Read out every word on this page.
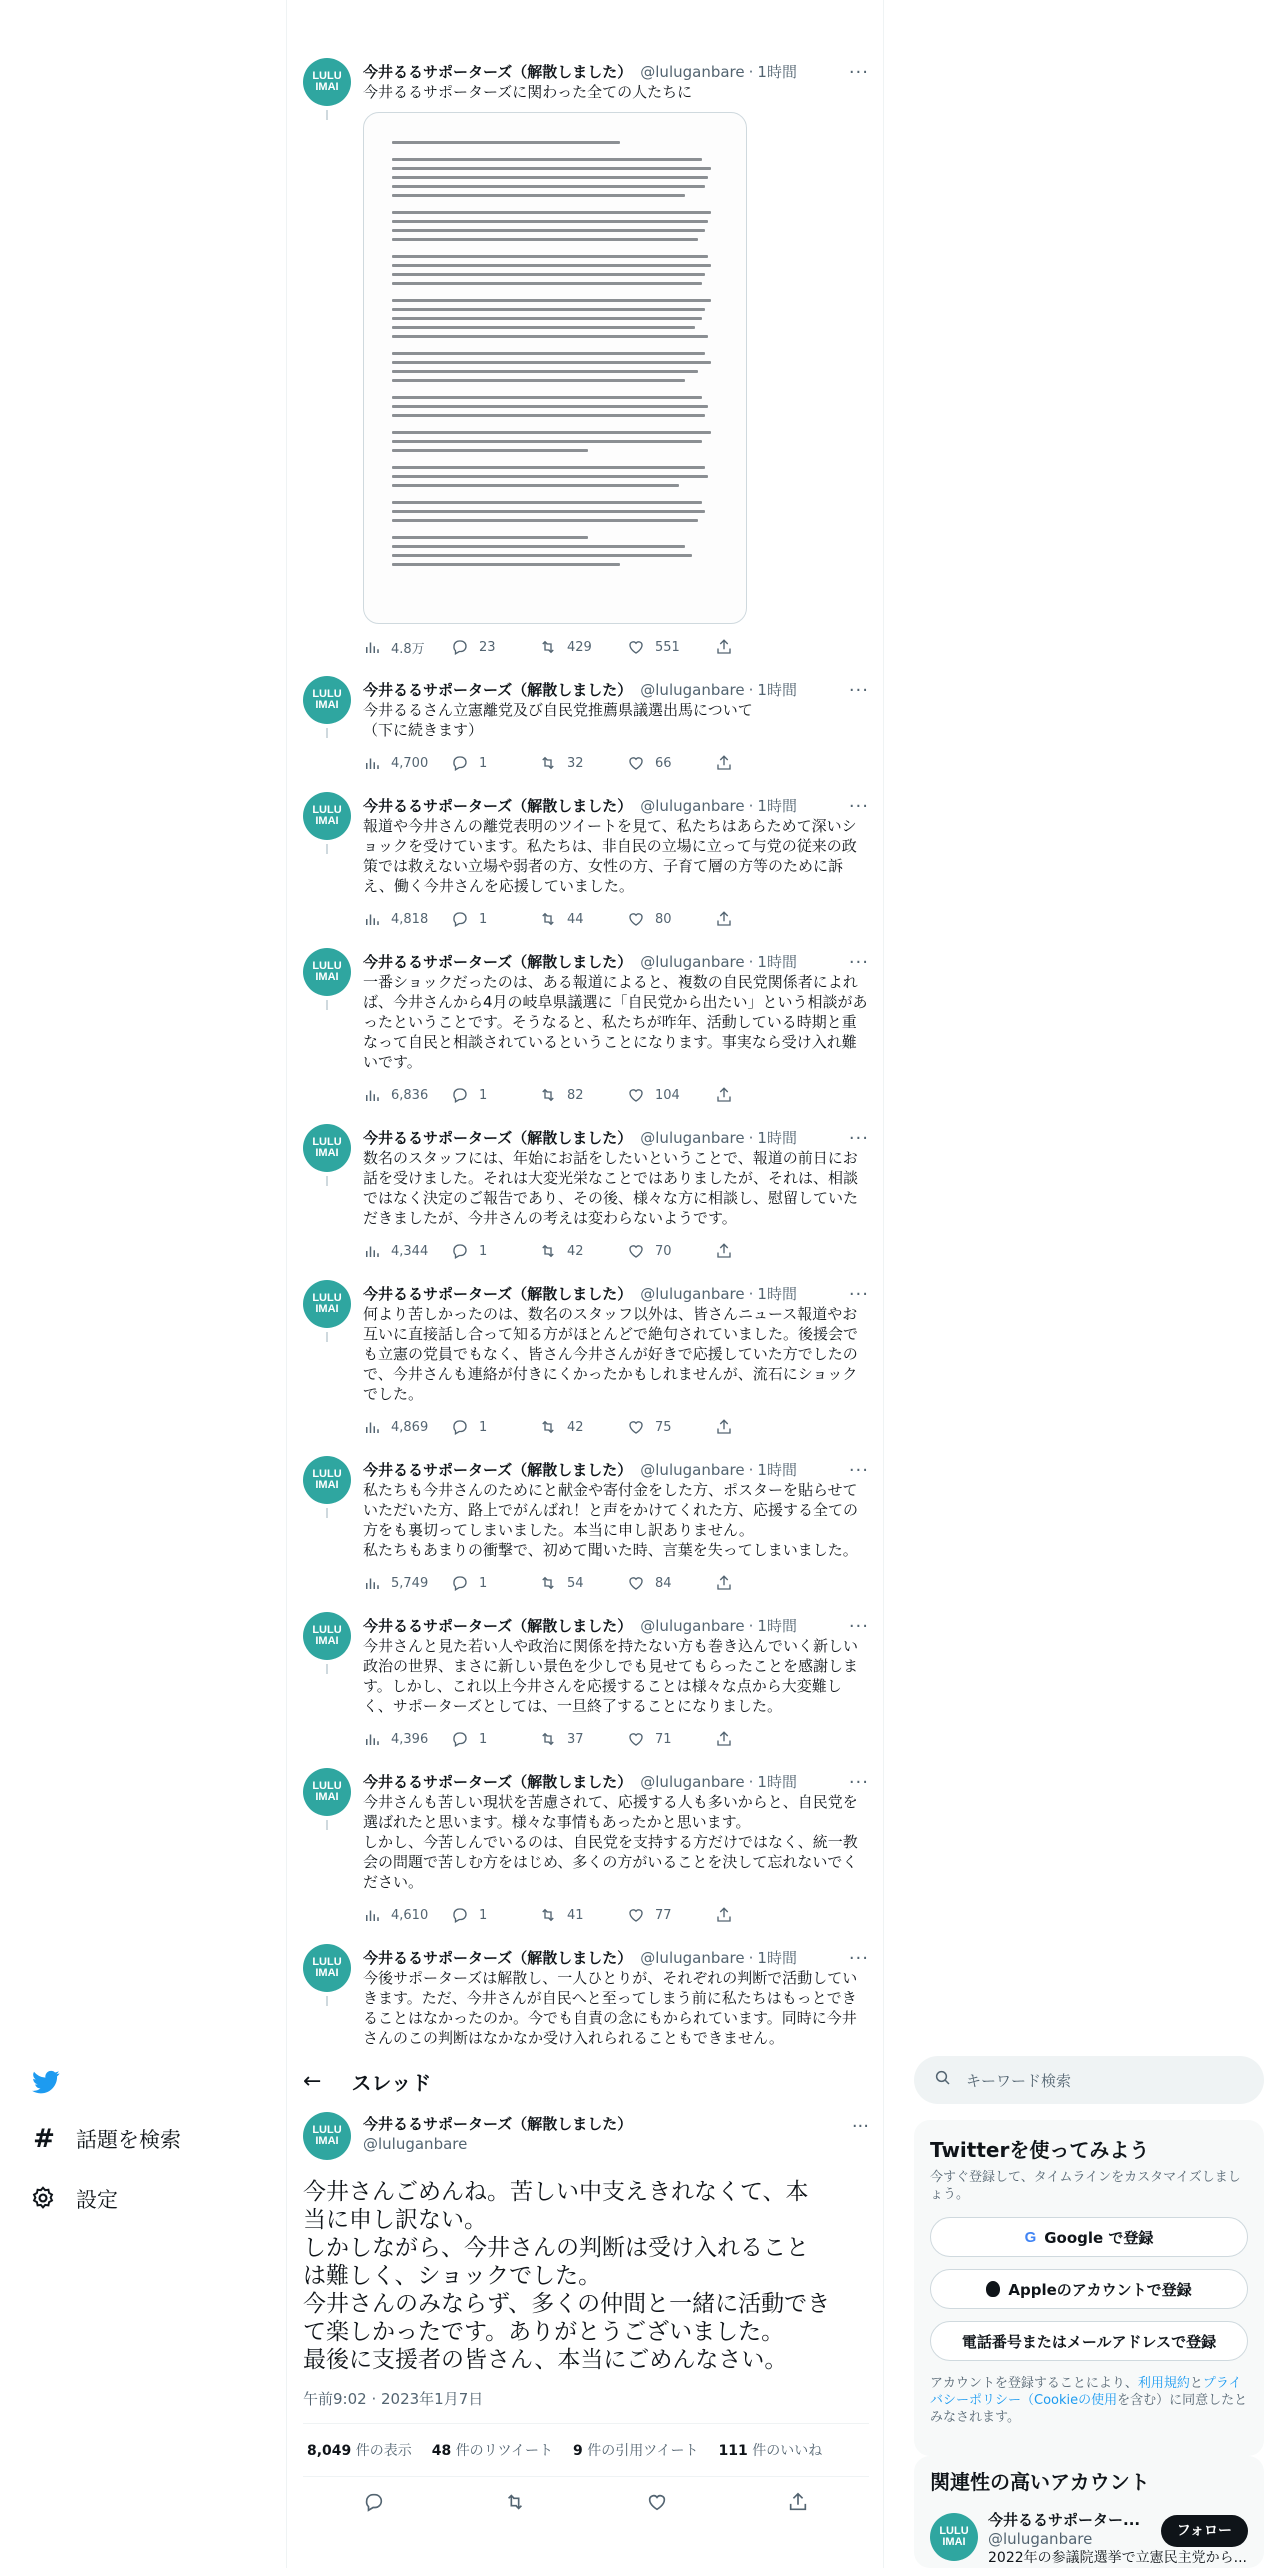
# 話題を検索
設定
LULU
IMAI
···
今井るるサポーターズ（解散しました） @luluganbare · 1時間
今井るるサポーターズに関わった全ての人たちに
4.8万	23	429	551
LULU
IMAI
···
今井るるサポーターズ（解散しました） @luluganbare · 1時間
今井るるさん立憲離党及び自民党推薦県議選出馬について
（下に続きます）
4,700	1	32	66
LULU
IMAI
···
今井るるサポーターズ（解散しました） @luluganbare · 1時間
報道や今井さんの離党表明のツイートを見て、私たちはあらためて深いショックを受けています。私たちは、非自民の立場に立って与党の従来の政策では救えない立場や弱者の方、女性の方、子育て層の方等のために訴え、働く今井さんを応援していました。
4,818	1	44	80
LULU
IMAI
···
今井るるサポーターズ（解散しました） @luluganbare · 1時間
一番ショックだったのは、ある報道によると、複数の自民党関係者によれば、今井さんから4月の岐阜県議選に「自民党から出たい」という相談があったということです。そうなると、私たちが昨年、活動している時期と重なって自民と相談されているということになります。事実なら受け入れ難いです。
6,836	1	82	104
LULU
IMAI
···
今井るるサポーターズ（解散しました） @luluganbare · 1時間
数名のスタッフには、年始にお話をしたいということで、報道の前日にお話を受けました。それは大変光栄なことではありましたが、それは、相談ではなく決定のご報告であり、その後、様々な方に相談し、慰留していただきましたが、今井さんの考えは変わらないようです。
4,344	1	42	70
LULU
IMAI
···
今井るるサポーターズ（解散しました） @luluganbare · 1時間
何より苦しかったのは、数名のスタッフ以外は、皆さんニュース報道やお互いに直接話し合って知る方がほとんどで絶句されていました。後援会でも立憲の党員でもなく、皆さん今井さんが好きで応援していた方でしたので、今井さんも連絡が付きにくかったかもしれませんが、流石にショックでした。
4,869	1	42	75
LULU
IMAI
···
今井るるサポーターズ（解散しました） @luluganbare · 1時間
私たちも今井さんのためにと献金や寄付金をした方、ポスターを貼らせていただいた方、路上でがんばれ！と声をかけてくれた方、応援する全ての方をも裏切ってしまいました。本当に申し訳ありません。
私たちもあまりの衝撃で、初めて聞いた時、言葉を失ってしまいました。
5,749	1	54	84
LULU
IMAI
···
今井るるサポーターズ（解散しました） @luluganbare · 1時間
今井さんと見た若い人や政治に関係を持たない方も巻き込んでいく新しい政治の世界、まさに新しい景色を少しでも見せてもらったことを感謝します。しかし、これ以上今井さんを応援することは様々な点から大変難しく、サポーターズとしては、一旦終了することになりました。
4,396	1	37	71
LULU
IMAI
···
今井るるサポーターズ（解散しました） @luluganbare · 1時間
今井さんも苦しい現状を苦慮されて、応援する人も多いからと、自民党を選ばれたと思います。様々な事情もあったかと思います。
しかし、今苦しんでいるのは、自民党を支持する方だけではなく、統一教会の問題で苦しむ方をはじめ、多くの方がいることを決して忘れないでください。
4,610	1	41	77
LULU
IMAI
···
今井るるサポーターズ（解散しました） @luluganbare · 1時間
今後サポーターズは解散し、一人ひとりが、それぞれの判断で活動していきます。ただ、今井さんが自民へと至ってしまう前に私たちはもっとできることはなかったのか。今でも自責の念にもかられています。同時に今井さんのこの判断はなかなか受け入れられることもできません。
← スレッド
LULU
IMAI
今井るるサポーターズ（解散しました）
@luluganbare
···
今井さんごめんね。苦しい中支えきれなくて、本当に申し訳ない。
しかしながら、今井さんの判断は受け入れることは難しく、ショックでした。
今井さんのみならず、多くの仲間と一緒に活動できて楽しかったです。ありがとうございました。
最後に支援者の皆さん、本当にごめんなさい。
午前9:02 · 2023年1月7日
8,049 件の表示 48 件のリツイート 9 件の引用ツイート 111 件のいいね
キーワード検索
Twitterを使ってみよう
今すぐ登録して、タイムラインをカスタマイズしましょう。
G Google で登録
Appleのアカウントで登録
電話番号またはメールアドレスで登録
アカウントを登録することにより、利用規約とプライバシーポリシー（Cookieの使用を含む）に同意したとみなされます。
関連性の高いアカウント
LULU
IMAI
今井るるサポーター...
@luluganbare
2022年の参議院選挙で立憲民主党から...
フォロー
